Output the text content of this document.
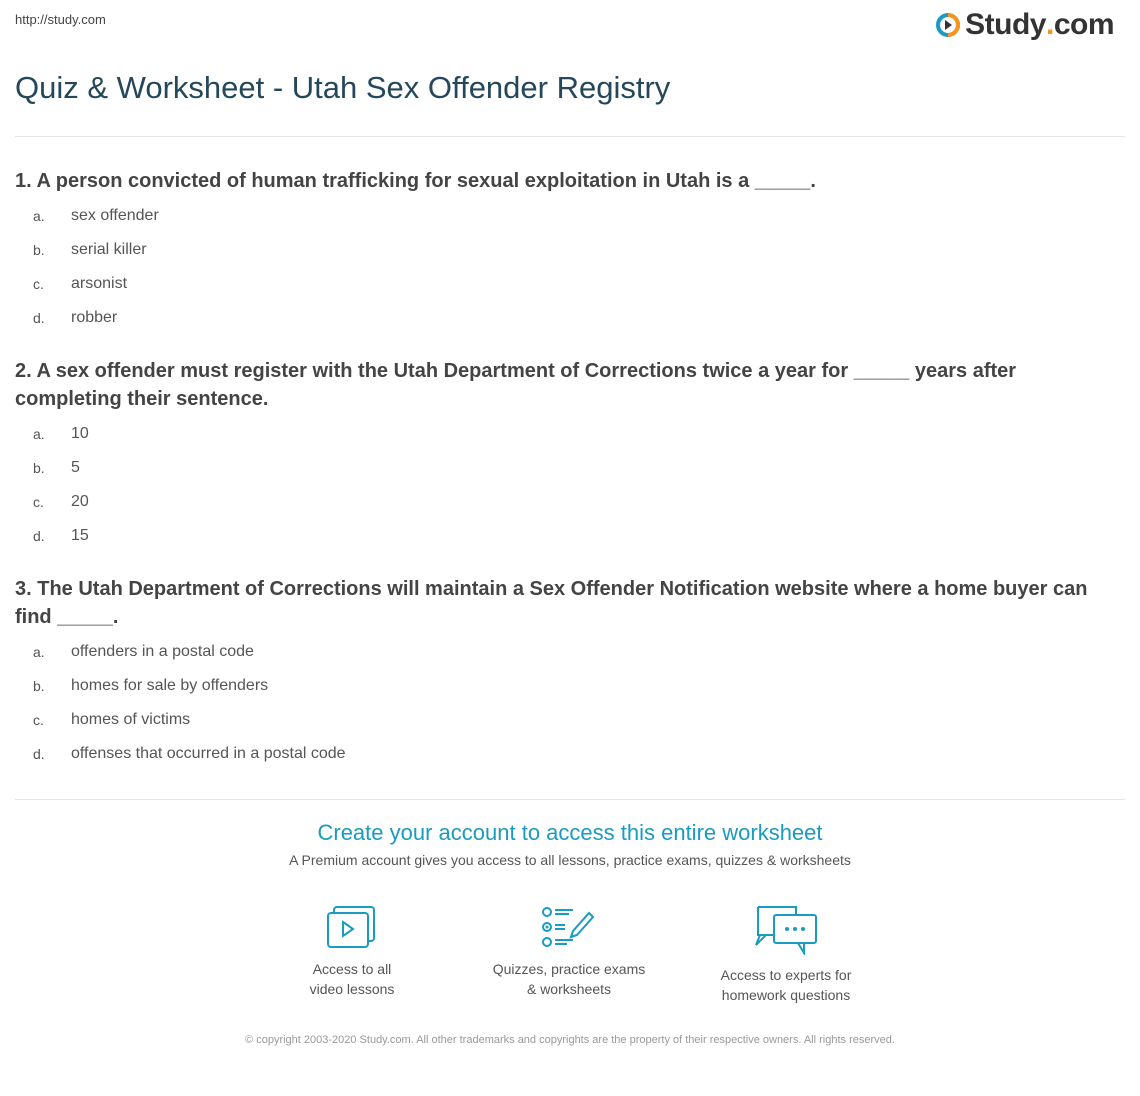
http://study.com	Study . com
Quiz & Worksheet - Utah Sex Offender Registry

1. A person convicted of human trafficking for sexual exploitation in Utah is a _____.

a.	sex offender
b.	serial killer
c.	arsonist
d.	robber

2. A sex offender must register with the Utah Department of Corrections twice a year for _____ years after completing their sentence.

a.	10
b.	5
c.	20
d.	15

3. The Utah Department of Corrections will maintain a Sex Offender Notification website where a home buyer can find _____.

a.	offenders in a postal code
b.	homes for sale by offenders
c.	homes of victims
d.	offenses that occurred in a postal code
Create your account to access this entire worksheet
A Premium account gives you access to all lessons, practice exams, quizzes & worksheets
Access to all
video lessons
Quizzes, practice exams
& worksheets
Access to experts for
homework questions
© copyright 2003-2020 Study.com. All other trademarks and copyrights are the property of their respective owners. All rights reserved.
